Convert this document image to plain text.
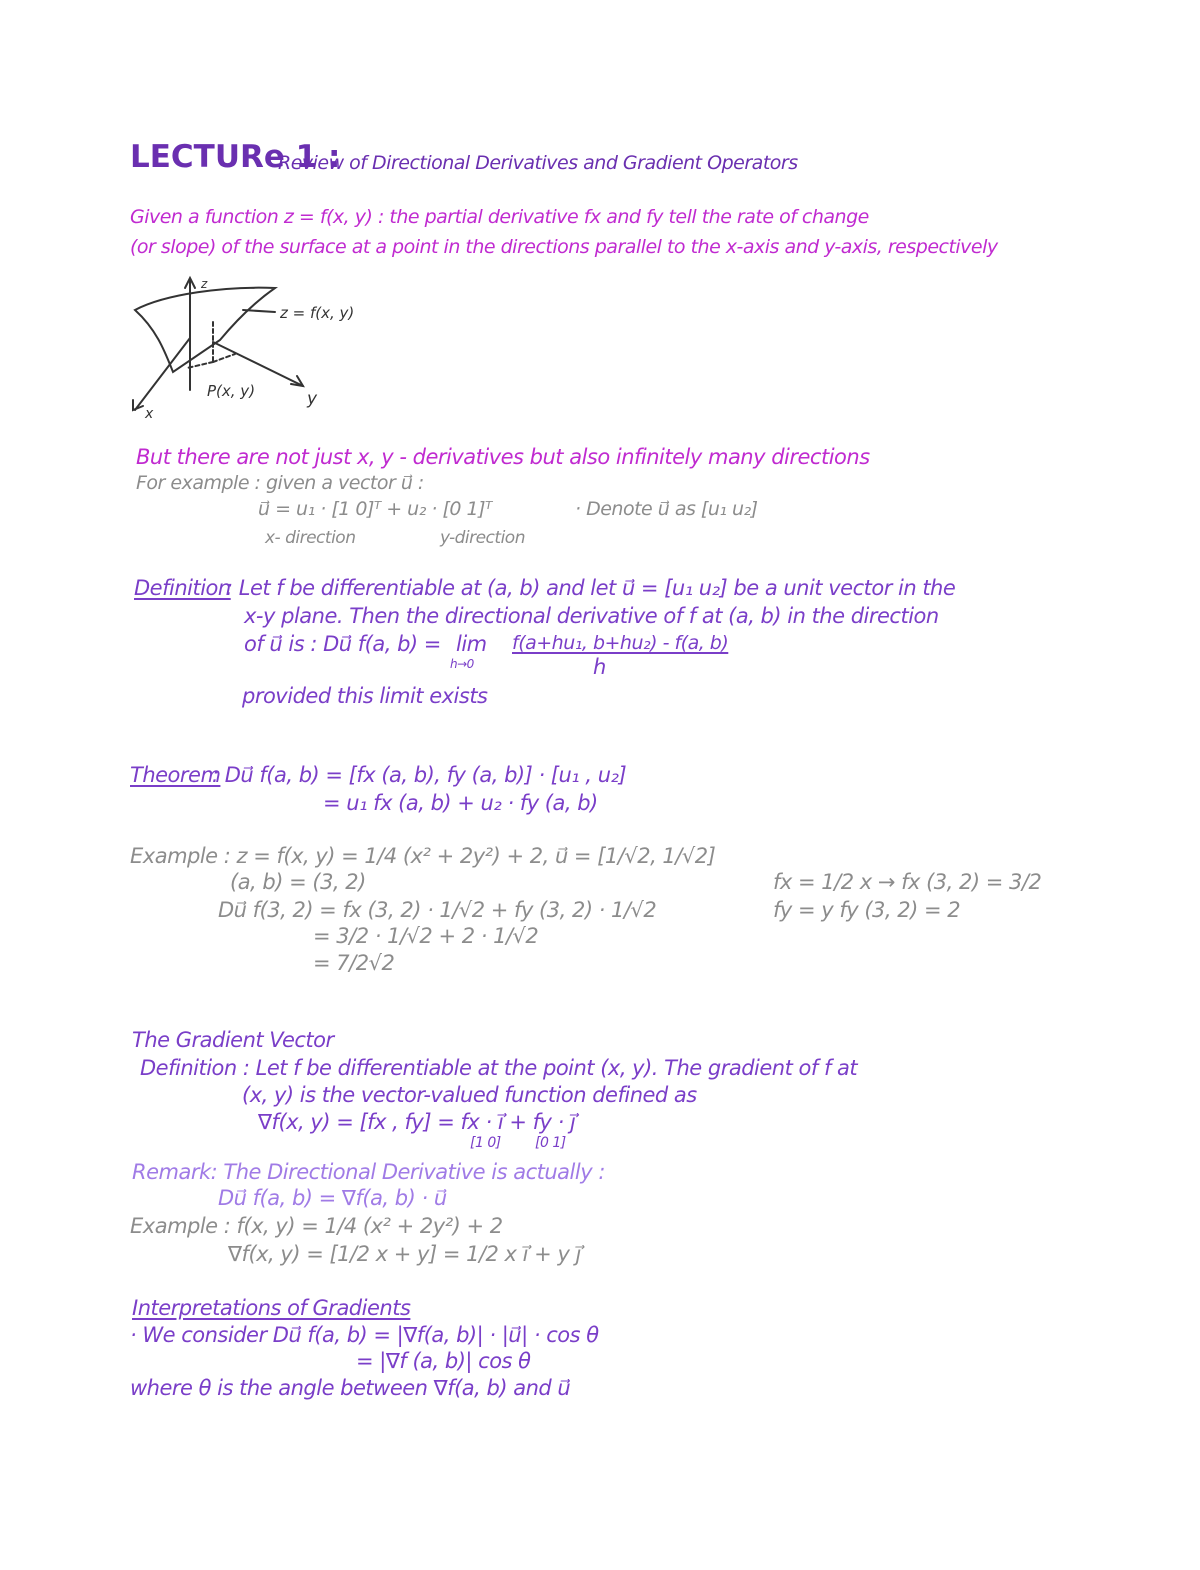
LECTURe 1 :
Review of Directional Derivatives and Gradient Operators
Given a function z = f(x, y) : the partial derivative fx and fy tell the rate of change
(or slope) of the surface at a point in the directions parallel to the x-axis and y-axis, respectively
z
z = f(x, y)
P(x, y)
x
y
But there are not just x, y - derivatives but also infinitely many directions
For example : given a vector u⃗ :
u⃗ = u₁ · [1 0]ᵀ + u₂ · [0 1]ᵀ
x- direction	y-direction
· Denote u⃗ as [u₁ u₂]
Definition
: Let f be differentiable at (a, b) and let u⃗ = [u₁ u₂] be a unit vector in the
x-y plane. Then the directional derivative of f at (a, b) in the direction
of u⃗ is : Du⃗ f(a, b) = lim
h→0
f(a+hu₁, b+hu₂) - f(a, b)
h
provided this limit exists
Theorem
: Du⃗ f(a, b) = [fx (a, b), fy (a, b)] · [u₁ , u₂]
= u₁ fx (a, b) + u₂ · fy (a, b)
Example : z = f(x, y) = 1/4 (x² + 2y²) + 2, u⃗ = [1/√2, 1/√2]
(a, b) = (3, 2)
Du⃗ f(3, 2) = fx (3, 2) · 1/√2 + fy (3, 2) · 1/√2
= 3/2 · 1/√2 + 2 · 1/√2
= 7/2√2
fx = 1/2 x → fx (3, 2) = 3/2
fy = y fy (3, 2) = 2
The Gradient Vector
Definition : Let f be differentiable at the point (x, y). The gradient of f at
(x, y) is the vector-valued function defined as
∇f(x, y) = [fx , fy] = fx · i⃗ + fy · j⃗
[1 0] [0 1]
Remark: The Directional Derivative is actually :
Du⃗ f(a, b) = ∇f(a, b) · u⃗
Example : f(x, y) = 1/4 (x² + 2y²) + 2
∇f(x, y) = [1/2 x + y] = 1/2 x i⃗ + y j⃗
Interpretations of Gradients
· We consider Du⃗ f(a, b) = |∇f(a, b)| · |u⃗| · cos θ
= |∇f (a, b)| cos θ
where θ is the angle between ∇f(a, b) and u⃗
